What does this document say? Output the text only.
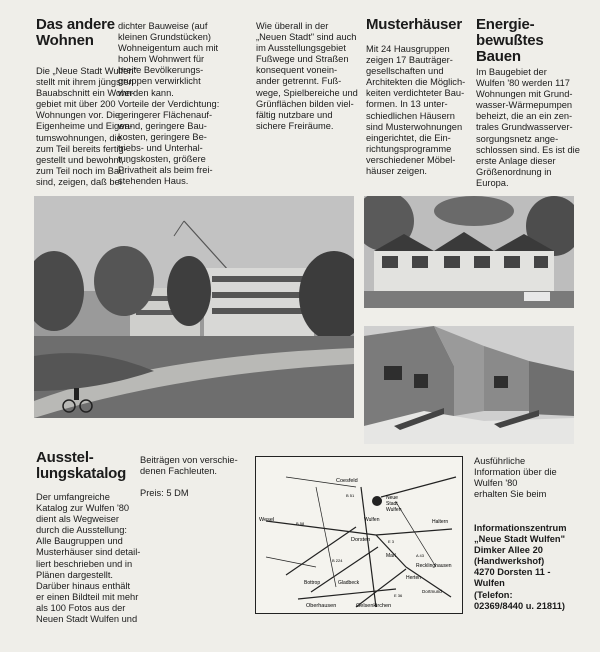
Das andere
Wohnen

Die „Neue Stadt Wulfen"

stellt mit ihrem jüngsten

Bauabschnitt ein Wohn-

gebiet mit über 200

Wohnungen vor. Die

Eigenheime und Eigen-

tumswohnungen, die

zum Teil bereits fertig-

gestellt und bewohnt, .

zum Teil noch im Bau

sind, zeigen, daß bei

dichter Bauweise (auf

kleinen Grundstücken)

Wohneigentum auch mit

hohem Wohnwert für

breite Bevölkerungs-

gruppen verwirklicht

werden kann.

Vorteile der Verdichtung:

geringerer Flächenauf-

wand, geringere Bau-

kosten, geringere Be-

triebs- und Unterhal-

tungskosten, größere

Privatheit als beim frei-

stehenden Haus.

Wie überall in der

„Neuen Stadt" sind auch

im Ausstellungsgebiet

Fußwege und Straßen

konsequent vonein-

ander getrennt. Fuß-

wege, Spielbereiche und

Grünflächen bilden viel-

fältig nutzbare und

sichere Freiräume.

Musterhäuser

Mit 24 Hausgruppen

zeigen 17 Bauträger-

gesellschaften und

Architekten die Möglich-

keiten verdichteter Bau-

formen. In 13 unter-

schiedlichen Häusern

sind Musterwohnungen

eingerichtet, die Ein-

richtungsprogramme

verschiedener Möbel-

häuser zeigen.

Energie-
bewußtes
Bauen

Im Baugebiet der

Wulfen '80 werden 117

Wohnungen mit Grund-

wasser-Wärmepumpen

beheizt, die an ein zen-

trales Grundwasserver-

sorgungsnetz ange-

schlossen sind. Es ist die

erste Anlage dieser

Größenordnung in

Europa.

Ausstel-
lungskatalog

Der umfangreiche

Katalog zur Wulfen '80

dient als Wegweiser

durch die Ausstellung:

Alle Baugruppen und

Musterhäuser sind detail-

liert beschrieben und in

Plänen dargestellt.

Darüber hinaus enthält

er einen Bildteil mit mehr

als 100 Fotos aus der

Neuen Stadt Wulfen und

Beiträgen von verschie-

denen Fachleuten.

Preis: 5 DM	Neue
Stadt
Wulfen
Coesfeld
Wesel
Dorsten
Wulfen	Haltern
Marl
Herten
Recklinghausen
Bottrop	Gladbeck
Oberhausen	Gelsenkirchen
Dortmund
B 58
B 51
B 224
A 43
E 3
E 36

Ausführliche

Information über die

Wulfen '80

erhalten Sie beim

Informationszentrum

„Neue Stadt Wulfen"

Dimker Allee 20

(Handwerkshof)

4270 Dorsten 11 -

Wulfen

(Telefon:

02369/8440 u. 21811)
